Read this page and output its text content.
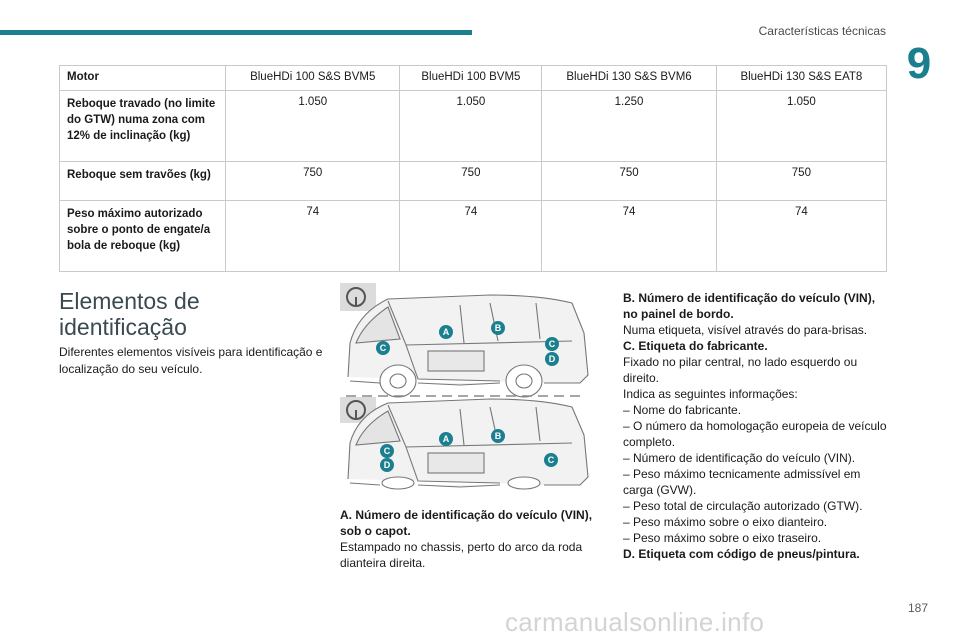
Características técnicas
9
Motor	BlueHDi 100 S&S BVM5	BlueHDi 100 BVM5	BlueHDi 130 S&S BVM6	BlueHDi 130 S&S EAT8
Reboque travado (no limite do GTW) numa zona com 12% de inclinação (kg)	1.050	1.050	1.250	1.050
Reboque sem travões (kg)	750	750	750	750
Peso máximo autorizado sobre o ponto de engate/a bola de reboque (kg)	74	74	74	74
Elementos de identificação

Diferentes elementos visíveis para identificação e localização do seu veículo.

A	B
C	C
D
A	B
C
D	C
A. Número de identificação do veículo (VIN), sob o capot.
Estampado no chassis, perto do arco da roda dianteira direita.
B. Número de identificação do veículo (VIN), no painel de bordo.
Numa etiqueta, visível através do para-brisas.
C. Etiqueta do fabricante.
Fixado no pilar central, no lado esquerdo ou direito.
Indica as seguintes informações:
– Nome do fabricante.
– O número da homologação europeia de veículo completo.
– Número de identificação do veículo (VIN).
– Peso máximo tecnicamente admissível em carga (GVW).
– Peso total de circulação autorizado (GTW).
– Peso máximo sobre o eixo dianteiro.
– Peso máximo sobre o eixo traseiro.
D. Etiqueta com código de pneus/pintura.
carmanualsonline.info	187
